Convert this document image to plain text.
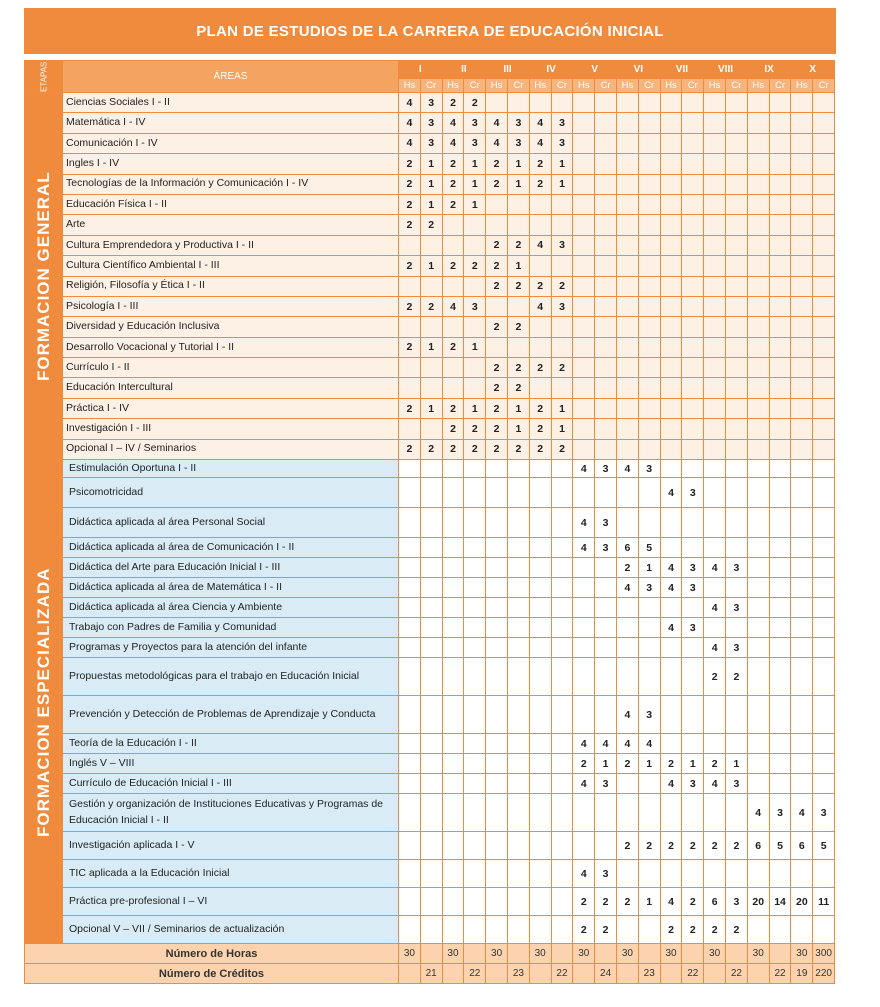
PLAN DE ESTUDIOS DE LA CARRERA DE EDUCACIÓN INICIAL
ETAPAS	ÁREAS	I		II		III		IV		V		VI		VII		VIII		IX		X	
		Hs	Cr	Hs	Cr	Hs	Cr	Hs	Cr	Hs	Cr	Hs	Cr	Hs	Cr	Hs	Cr	Hs	Cr	Hs	Cr
FORMACION GENERAL	Ciencias Sociales I - II	4	3	2	2																
	Matemática I - IV	4	3	4	3	4	3	4	3												
	Comunicación I - IV	4	3	4	3	4	3	4	3												
	Ingles I - IV	2	1	2	1	2	1	2	1												
	Tecnologías de la Información y Comunicación I - IV	2	1	2	1	2	1	2	1												
	Educación Física I - II	2	1	2	1																
	Arte	2	2																		
	Cultura Emprendedora y Productiva I - II					2	2	4	3												
	Cultura Científico Ambiental I - III	2	1	2	2	2	1														
	Religión, Filosofía y Ética I - II					2	2	2	2												
	Psicología I - III	2	2	4	3			4	3												
	Diversidad y Educación Inclusiva					2	2														
	Desarrollo Vocacional y Tutorial I - II	2	1	2	1																
	Currículo I - II					2	2	2	2												
	Educación Intercultural					2	2														
	Práctica I - IV	2	1	2	1	2	1	2	1												
	Investigación I - III			2	2	2	1	2	1												
	Opcional I – IV / Seminarios	2	2	2	2	2	2	2	2												
FORMACION ESPECIALIZADA	Estimulación Oportuna I - II									4	3	4	3								
	Psicomotricidad													4	3						
	Didáctica aplicada al área Personal Social									4	3										
	Didáctica aplicada al área de Comunicación I - II									4	3	6	5								
	Didáctica del Arte para Educación Inicial I - III											2	1	4	3	4	3				
	Didáctica aplicada al área de Matemática I - II											4	3	4	3						
	Didáctica aplicada al área Ciencia y Ambiente															4	3				
	Trabajo con Padres de Familia y Comunidad													4	3						
	Programas y Proyectos para la atención del infante															4	3				
	Propuestas metodológicas para el trabajo en Educación Inicial															2	2				
	Prevención y Detección de Problemas de Aprendizaje y Conducta											4	3								
	Teoría de la Educación I - II									4	4	4	4								
	Inglés V – VIII									2	1	2	1	2	1	2	1				
	Currículo de Educación Inicial I - III									4	3			4	3	4	3				
	Gestión y organización de Instituciones Educativas y Programas de Educación Inicial I - II																	4	3	4	3
	Investigación aplicada I - V											2	2	2	2	2	2	6	5	6	5
	TIC aplicada a la Educación Inicial									4	3										
	Práctica pre-profesional I – VI									2	2	2	1	4	2	6	3	20	14	20	11
	Opcional V – VII / Seminarios de actualización									2	2			2	2	2	2				
Número de Horas		30		30		30		30		30		30		30		30		30		30	300
Número de Créditos			21		22		23		22		24		23		22		22		22	19	220
